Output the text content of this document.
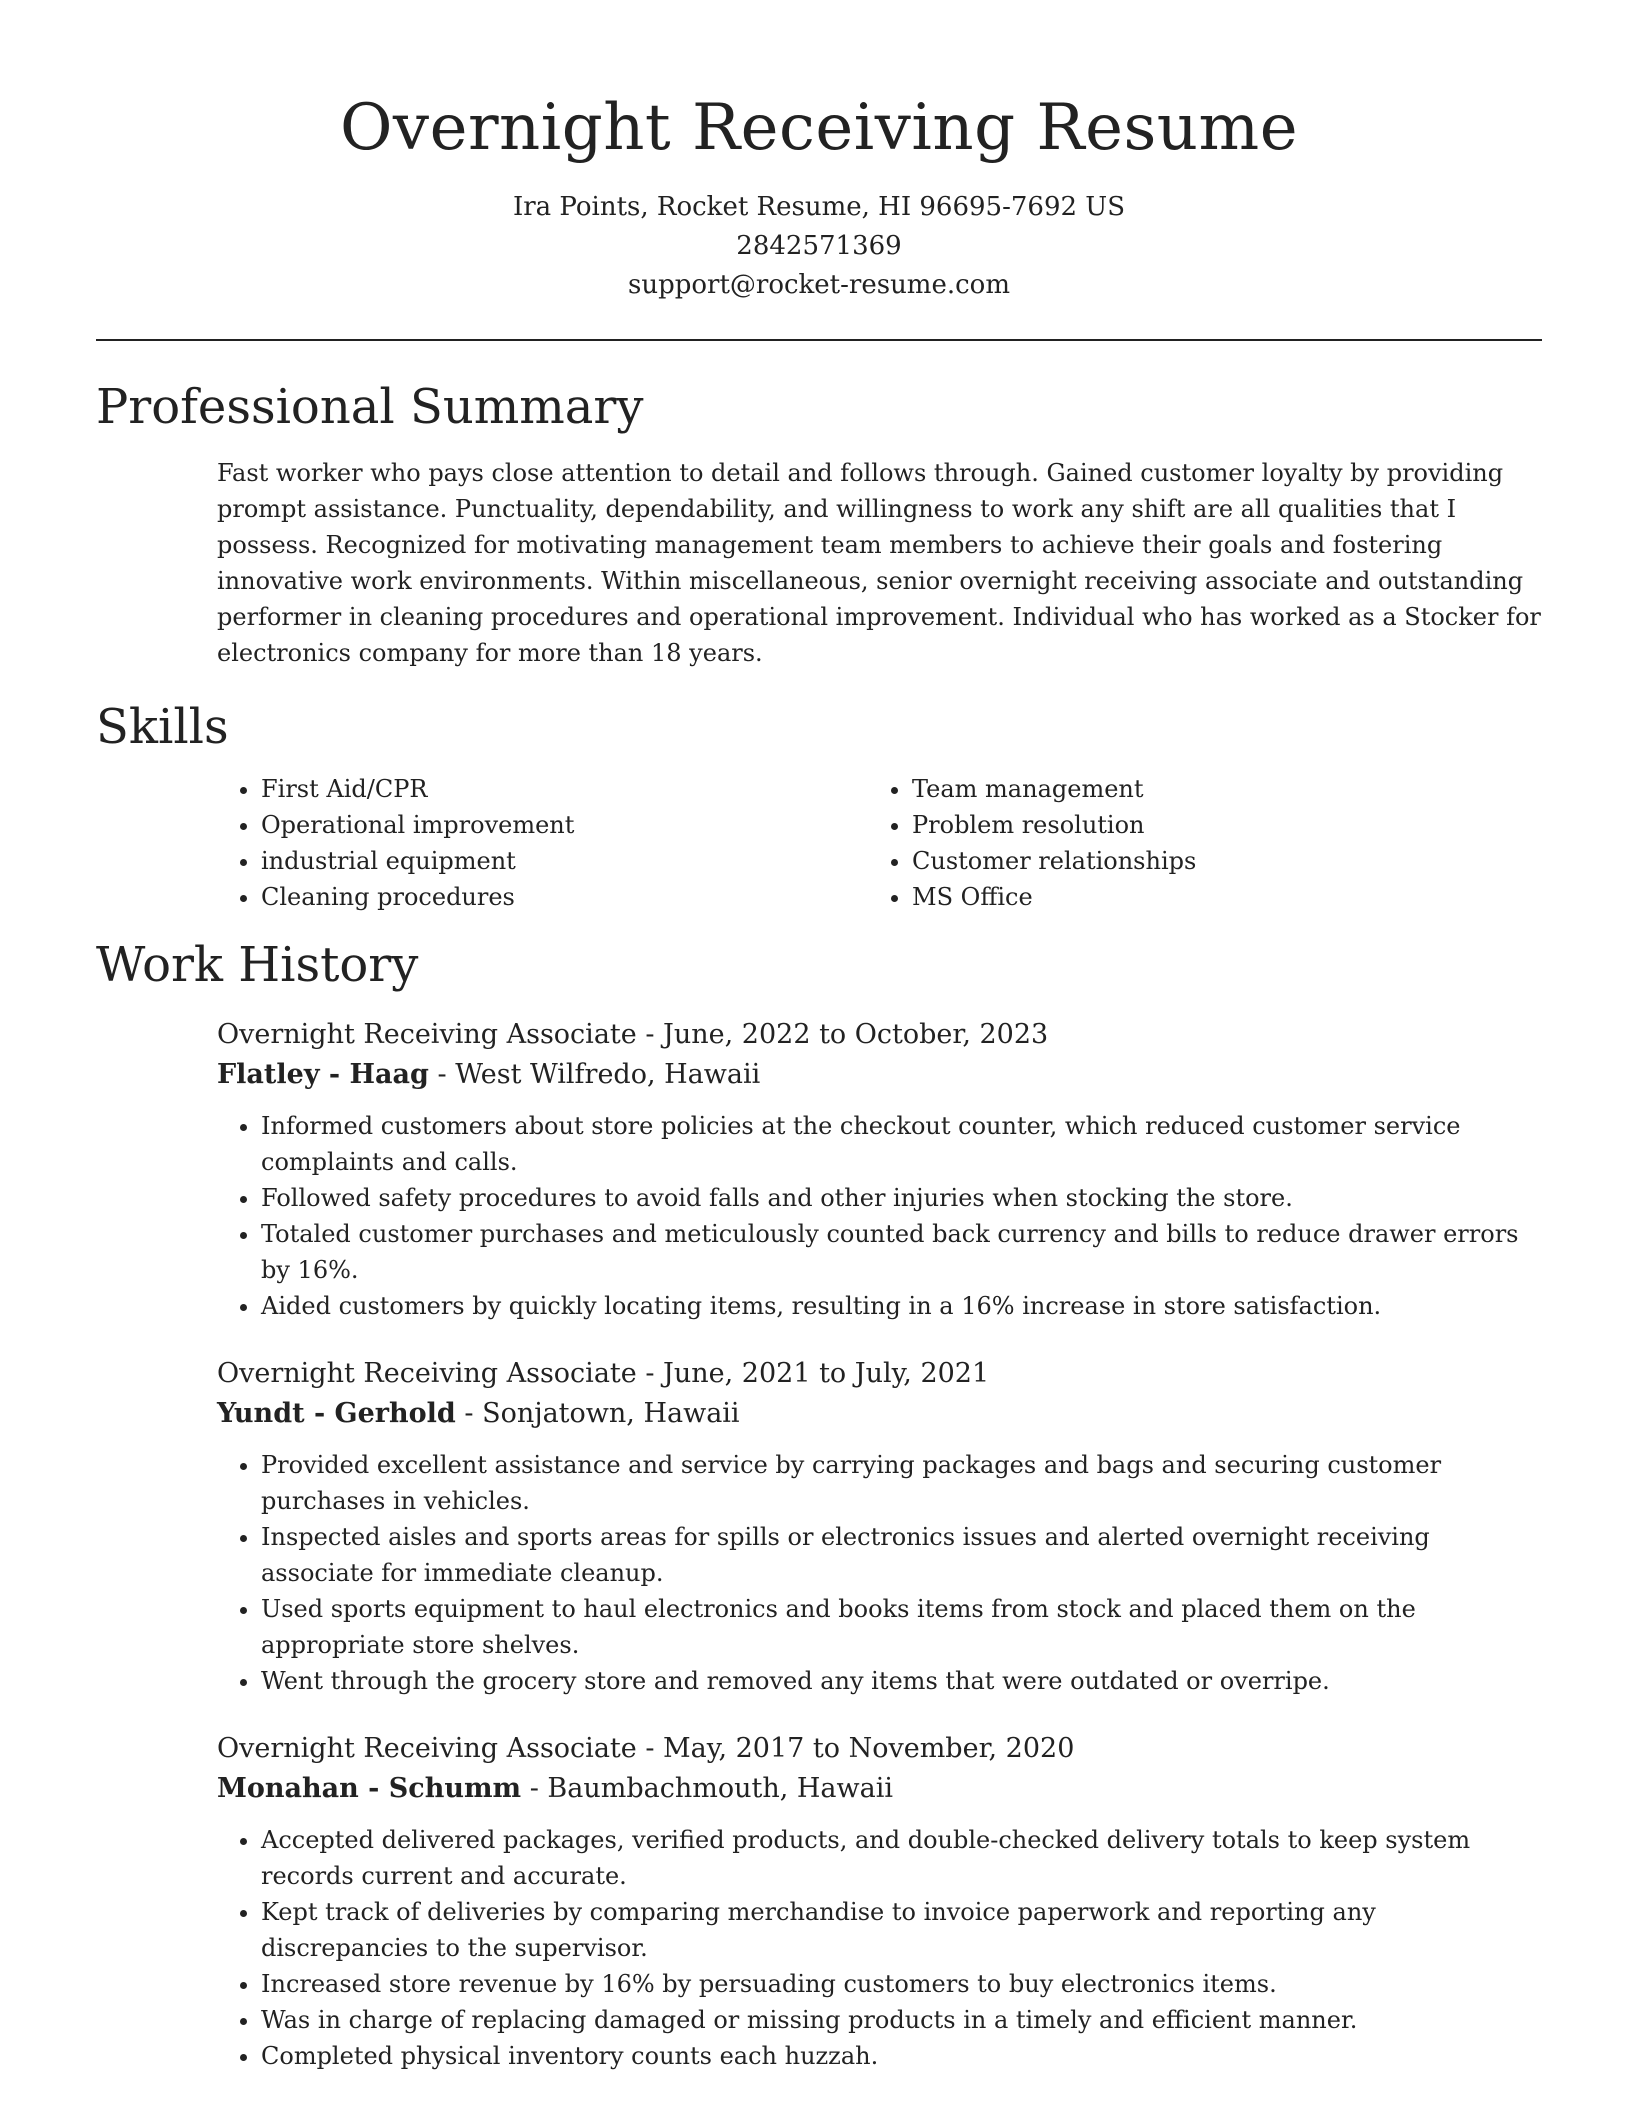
Overnight Receiving Resume

Ira Points, Rocket Resume, HI 96695-7692 US

2842571369

support@rocket-resume.com

Professional Summary

Fast worker who pays close attention to detail and follows through. Gained customer loyalty by providing prompt assistance. Punctuality, dependability, and willingness to work any shift are all qualities that I possess. Recognized for motivating management team members to achieve their goals and fostering innovative work environments. Within miscellaneous, senior overnight receiving associate and outstanding performer in cleaning procedures and operational improvement. Individual who has worked as a Stocker for electronics company for more than 18 years.

Skills
• First Aid/CPR
• Operational improvement
• industrial equipment
• Cleaning procedures
• Team management
• Problem resolution
• Customer relationships
• MS Office
Work History

Overnight Receiving Associate - June, 2022 to October, 2023

Flatley - Haag - West Wilfredo, Hawaii

• Informed customers about store policies at the checkout counter, which reduced customer service complaints and calls.
• Followed safety procedures to avoid falls and other injuries when stocking the store.
• Totaled customer purchases and meticulously counted back currency and bills to reduce drawer errors by 16%.
• Aided customers by quickly locating items, resulting in a 16% increase in store satisfaction.

Overnight Receiving Associate - June, 2021 to July, 2021

Yundt - Gerhold - Sonjatown, Hawaii

• Provided excellent assistance and service by carrying packages and bags and securing customer purchases in vehicles.
• Inspected aisles and sports areas for spills or electronics issues and alerted overnight receiving associate for immediate cleanup.
• Used sports equipment to haul electronics and books items from stock and placed them on the appropriate store shelves.
• Went through the grocery store and removed any items that were outdated or overripe.

Overnight Receiving Associate - May, 2017 to November, 2020

Monahan - Schumm - Baumbachmouth, Hawaii

• Accepted delivered packages, verified products, and double-checked delivery totals to keep system records current and accurate.
• Kept track of deliveries by comparing merchandise to invoice paperwork and reporting any discrepancies to the supervisor.
• Increased store revenue by 16% by persuading customers to buy electronics items.
• Was in charge of replacing damaged or missing products in a timely and efficient manner.
• Completed physical inventory counts each huzzah.
